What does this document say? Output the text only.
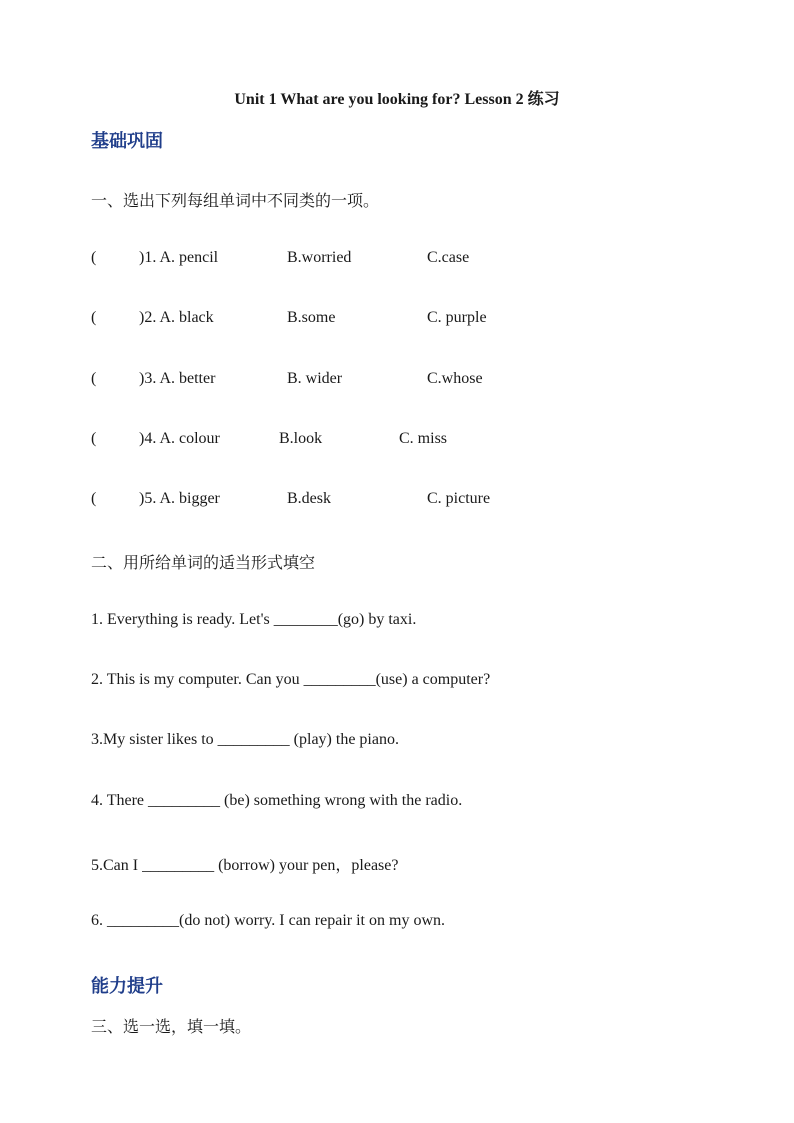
Unit 1 What are you looking for? Lesson 2 练习
基础巩固
一、选出下列每组单词中不同类的一项。
(	)1. A. pencil	B.worried	C.case
(	)2. A. black	B.some	C. purple
(	)3. A. better	B. wider	C.whose
(	)4. A. colour	B.look	C. miss
(	)5. A. bigger	B.desk	C. picture
二、用所给单词的适当形式填空
1. Everything is ready. Let's ________(go) by taxi.
2. This is my computer. Can you _________(use) a computer?
3.My sister likes to _________ (play) the piano.
4. There _________ (be) something wrong with the radio.
5.Can I _________ (borrow) your pen，please?
6. _________(do not) worry. I can repair it on my own.
能力提升
三、选一选，填一填。
